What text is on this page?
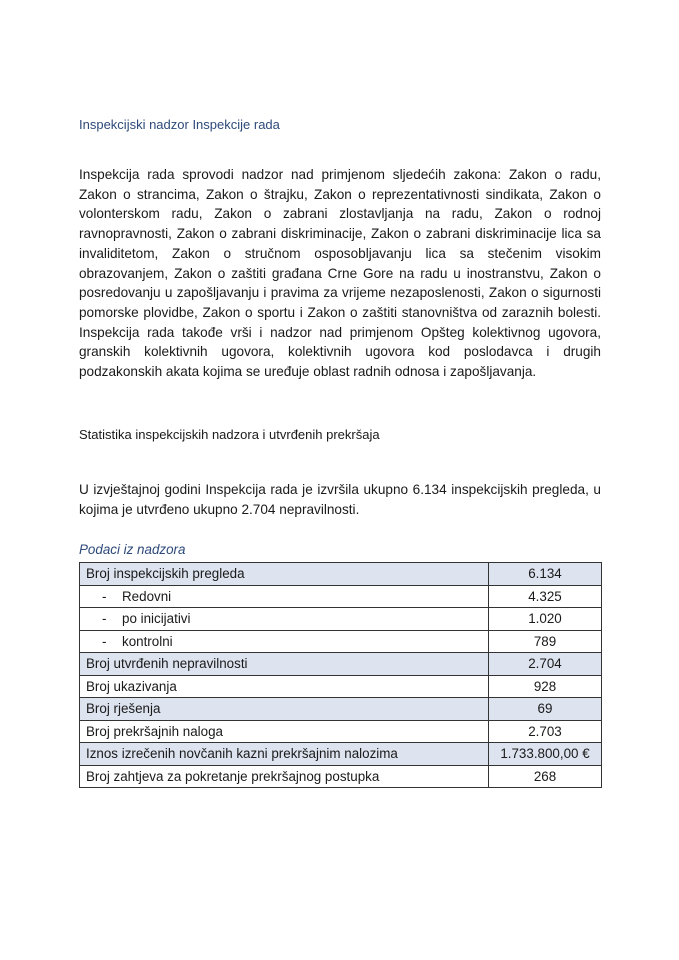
Inspekcijski nadzor Inspekcije rada

Inspekcija rada sprovodi nadzor nad primjenom sljedećih zakona: Zakon o radu, Zakon o strancima, Zakon o štrajku, Zakon o reprezentativnosti sindikata, Zakon o volonterskom radu, Zakon o zabrani zlostavljanja na radu, Zakon o rodnoj ravnopravnosti, Zakon o zabrani diskriminacije, Zakon o zabrani diskriminacije lica sa invaliditetom, Zakon o stručnom osposobljavanju lica sa stečenim visokim obrazovanjem, Zakon o zaštiti građana Crne Gore na radu u inostranstvu, Zakon o posredovanju u zapošljavanju i pravima za vrijeme nezaposlenosti, Zakon o sigurnosti pomorske plovidbe, Zakon o sportu i Zakon o zaštiti stanovništva od zaraznih bolesti. Inspekcija rada takođe vrši i nadzor nad primjenom Opšteg kolektivnog ugovora, granskih kolektivnih ugovora, kolektivnih ugovora kod poslodavca i drugih podzakonskih akata kojima se uređuje oblast radnih odnosa i zapošljavanja.

Statistika inspekcijskih nadzora i utvrđenih prekršaja

U izvještajnoj godini Inspekcija rada je izvršila ukupno 6.134 inspekcijskih pregleda, u kojima je utvrđeno ukupno 2.704 nepravilnosti.

Podaci iz nadzora
Broj inspekcijskih pregleda	6.134
- Redovni	4.325
- po inicijativi	1.020
- kontrolni	789
Broj utvrđenih nepravilnosti	2.704
Broj ukazivanja	928
Broj rješenja	69
Broj prekršajnih naloga	2.703
Iznos izrečenih novčanih kazni prekršajnim nalozima	1.733.800,00 €
Broj zahtjeva za pokretanje prekršajnog postupka	268
